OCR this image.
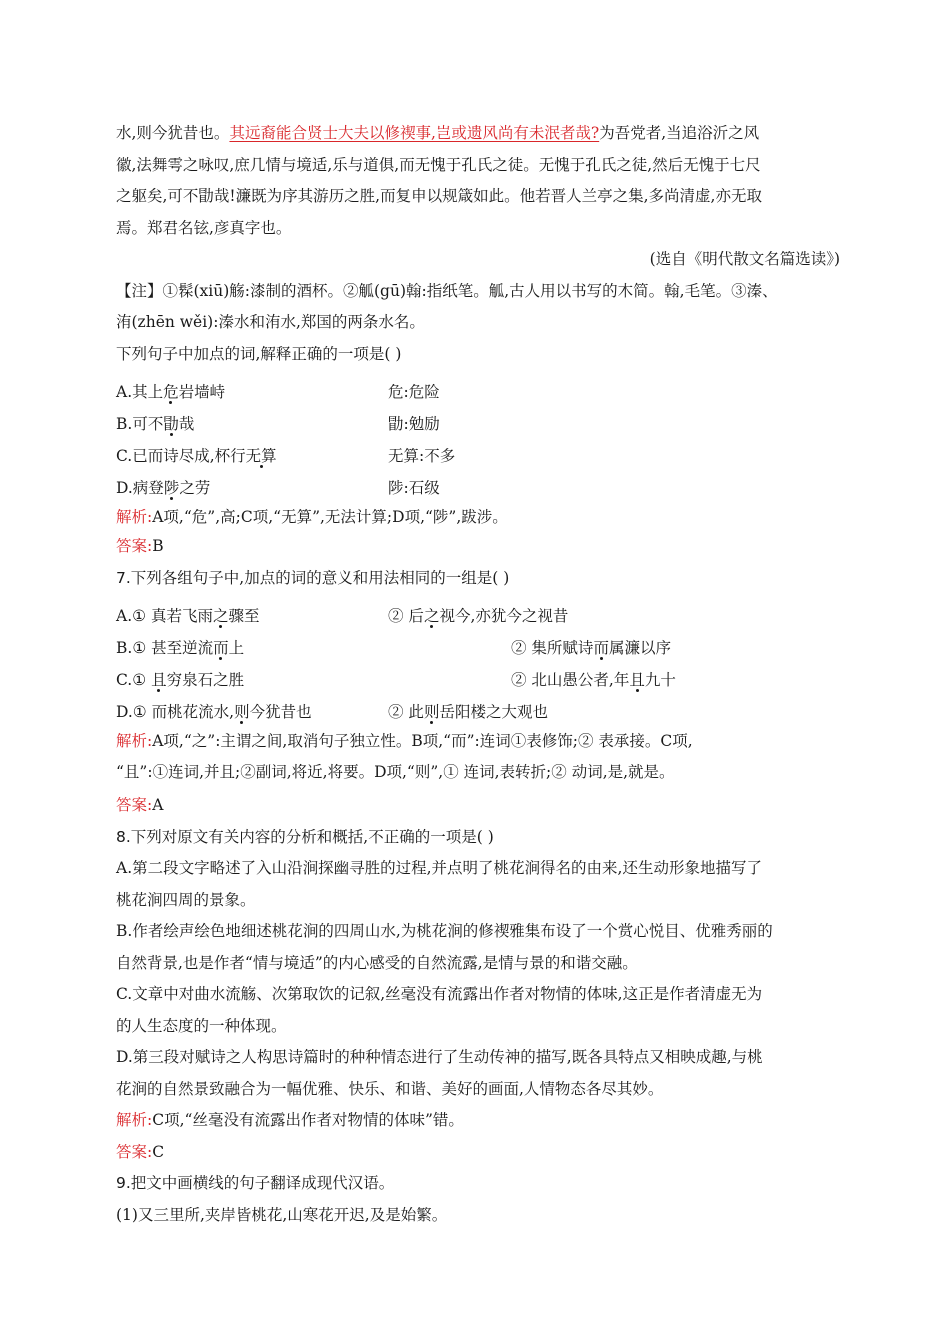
水,则今犹昔也。其远裔能合贤士大夫以修禊事,岂或遗风尚有未泯者哉?为吾党者,当追浴沂之风

徽,法舞雩之咏叹,庶几情与境适,乐与道俱,而无愧于孔氏之徒。无愧于孔氏之徒,然后无愧于七尺

之躯矣,可不勖哉!濂既为序其游历之胜,而复申以规箴如此。他若晋人兰亭之集,多尚清虚,亦无取

焉。郑君名铉,彦真字也。

(选自《明代散文名篇选读》)

【注】①髹(xiū)觞:漆制的酒杯。②觚(gū)翰:指纸笔。觚,古人用以书写的木简。翰,毛笔。③溱、

洧(zhēn wěi):溱水和洧水,郑国的两条水名。

下列句子中加点的词,解释正确的一项是( )

A.其上危岩墙峙	危:危险
B.可不勖哉	勖:勉励
C.已而诗尽成,杯行无算	无算:不多
D.病登陟之劳	陟:石级

解析:A项,“危”,高;C项,“无算”,无法计算;D项,“陟”,跋涉。

答案:B

7.下列各组句子中,加点的词的意义和用法相同的一组是( )

A.① 真若飞雨之骤至	② 后之视今,亦犹今之视昔
B.① 甚至逆流而上	② 集所赋诗而属濂以序
C.① 且穷泉石之胜	② 北山愚公者,年且九十
D.① 而桃花流水,则今犹昔也	② 此则岳阳楼之大观也

解析:A项,“之”:主谓之间,取消句子独立性。B项,“而”:连词①表修饰;② 表承接。C项,

“且”:①连词,并且;②副词,将近,将要。D项,“则”,① 连词,表转折;② 动词,是,就是。

答案:A

8.下列对原文有关内容的分析和概括,不正确的一项是( )

A.第二段文字略述了入山沿涧探幽寻胜的过程,并点明了桃花涧得名的由来,还生动形象地描写了

桃花涧四周的景象。

B.作者绘声绘色地细述桃花涧的四周山水,为桃花涧的修禊雅集布设了一个赏心悦目、优雅秀丽的

自然背景,也是作者“情与境适”的内心感受的自然流露,是情与景的和谐交融。

C.文章中对曲水流觞、次第取饮的记叙,丝毫没有流露出作者对物情的体味,这正是作者清虚无为

的人生态度的一种体现。

D.第三段对赋诗之人构思诗篇时的种种情态进行了生动传神的描写,既各具特点又相映成趣,与桃

花涧的自然景致融合为一幅优雅、快乐、和谐、美好的画面,人情物态各尽其妙。

解析:C项,“丝毫没有流露出作者对物情的体味”错。

答案:C

9.把文中画横线的句子翻译成现代汉语。

(1)又三里所,夹岸皆桃花,山寒花开迟,及是始繁。
